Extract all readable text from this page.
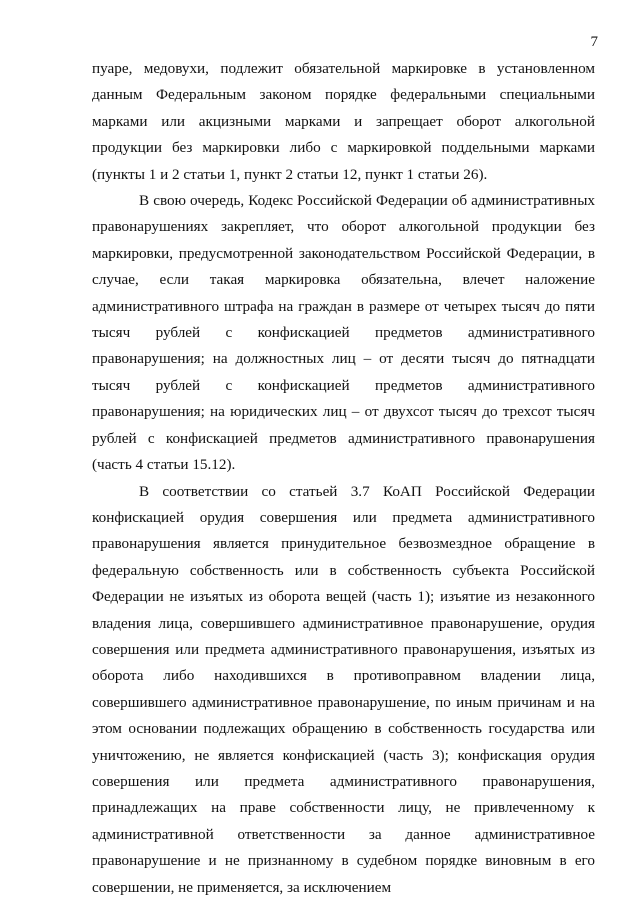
7

пуаре, медовухи, подлежит обязательной маркировке в установленном данным Федеральным законом порядке федеральными специальными марками или акцизными марками и запрещает оборот алкогольной продукции без маркировки либо с маркировкой поддельными марками (пункты 1 и 2 статьи 1, пункт 2 статьи 12, пункт 1 статьи 26).

В свою очередь, Кодекс Российской Федерации об административных правонарушениях закрепляет, что оборот алкогольной продукции без маркировки, предусмотренной законодательством Российской Федерации, в случае, если такая маркировка обязательна, влечет наложение административного штрафа на граждан в размере от четырех тысяч до пяти тысяч рублей с конфискацией предметов административного правонарушения; на должностных лиц – от десяти тысяч до пятнадцати тысяч рублей с конфискацией предметов административного правонарушения; на юридических лиц – от двухсот тысяч до трехсот тысяч рублей с конфискацией предметов административного правонарушения (часть 4 статьи 15.12).

В соответствии со статьей 3.7 КоАП Российской Федерации конфискацией орудия совершения или предмета административного правонарушения является принудительное безвозмездное обращение в федеральную собственность или в собственность субъекта Российской Федерации не изъятых из оборота вещей (часть 1); изъятие из незаконного владения лица, совершившего административное правонарушение, орудия совершения или предмета административного правонарушения, изъятых из оборота либо находившихся в противоправном владении лица, совершившего административное правонарушение, по иным причинам и на этом основании подлежащих обращению в собственность государства или уничтожению, не является конфискацией (часть 3); конфискация орудия совершения или предмета административного правонарушения, принадлежащих на праве собственности лицу, не привлеченному к административной ответственности за данное административное правонарушение и не признанному в судебном порядке виновным в его совершении, не применяется, за исключением
